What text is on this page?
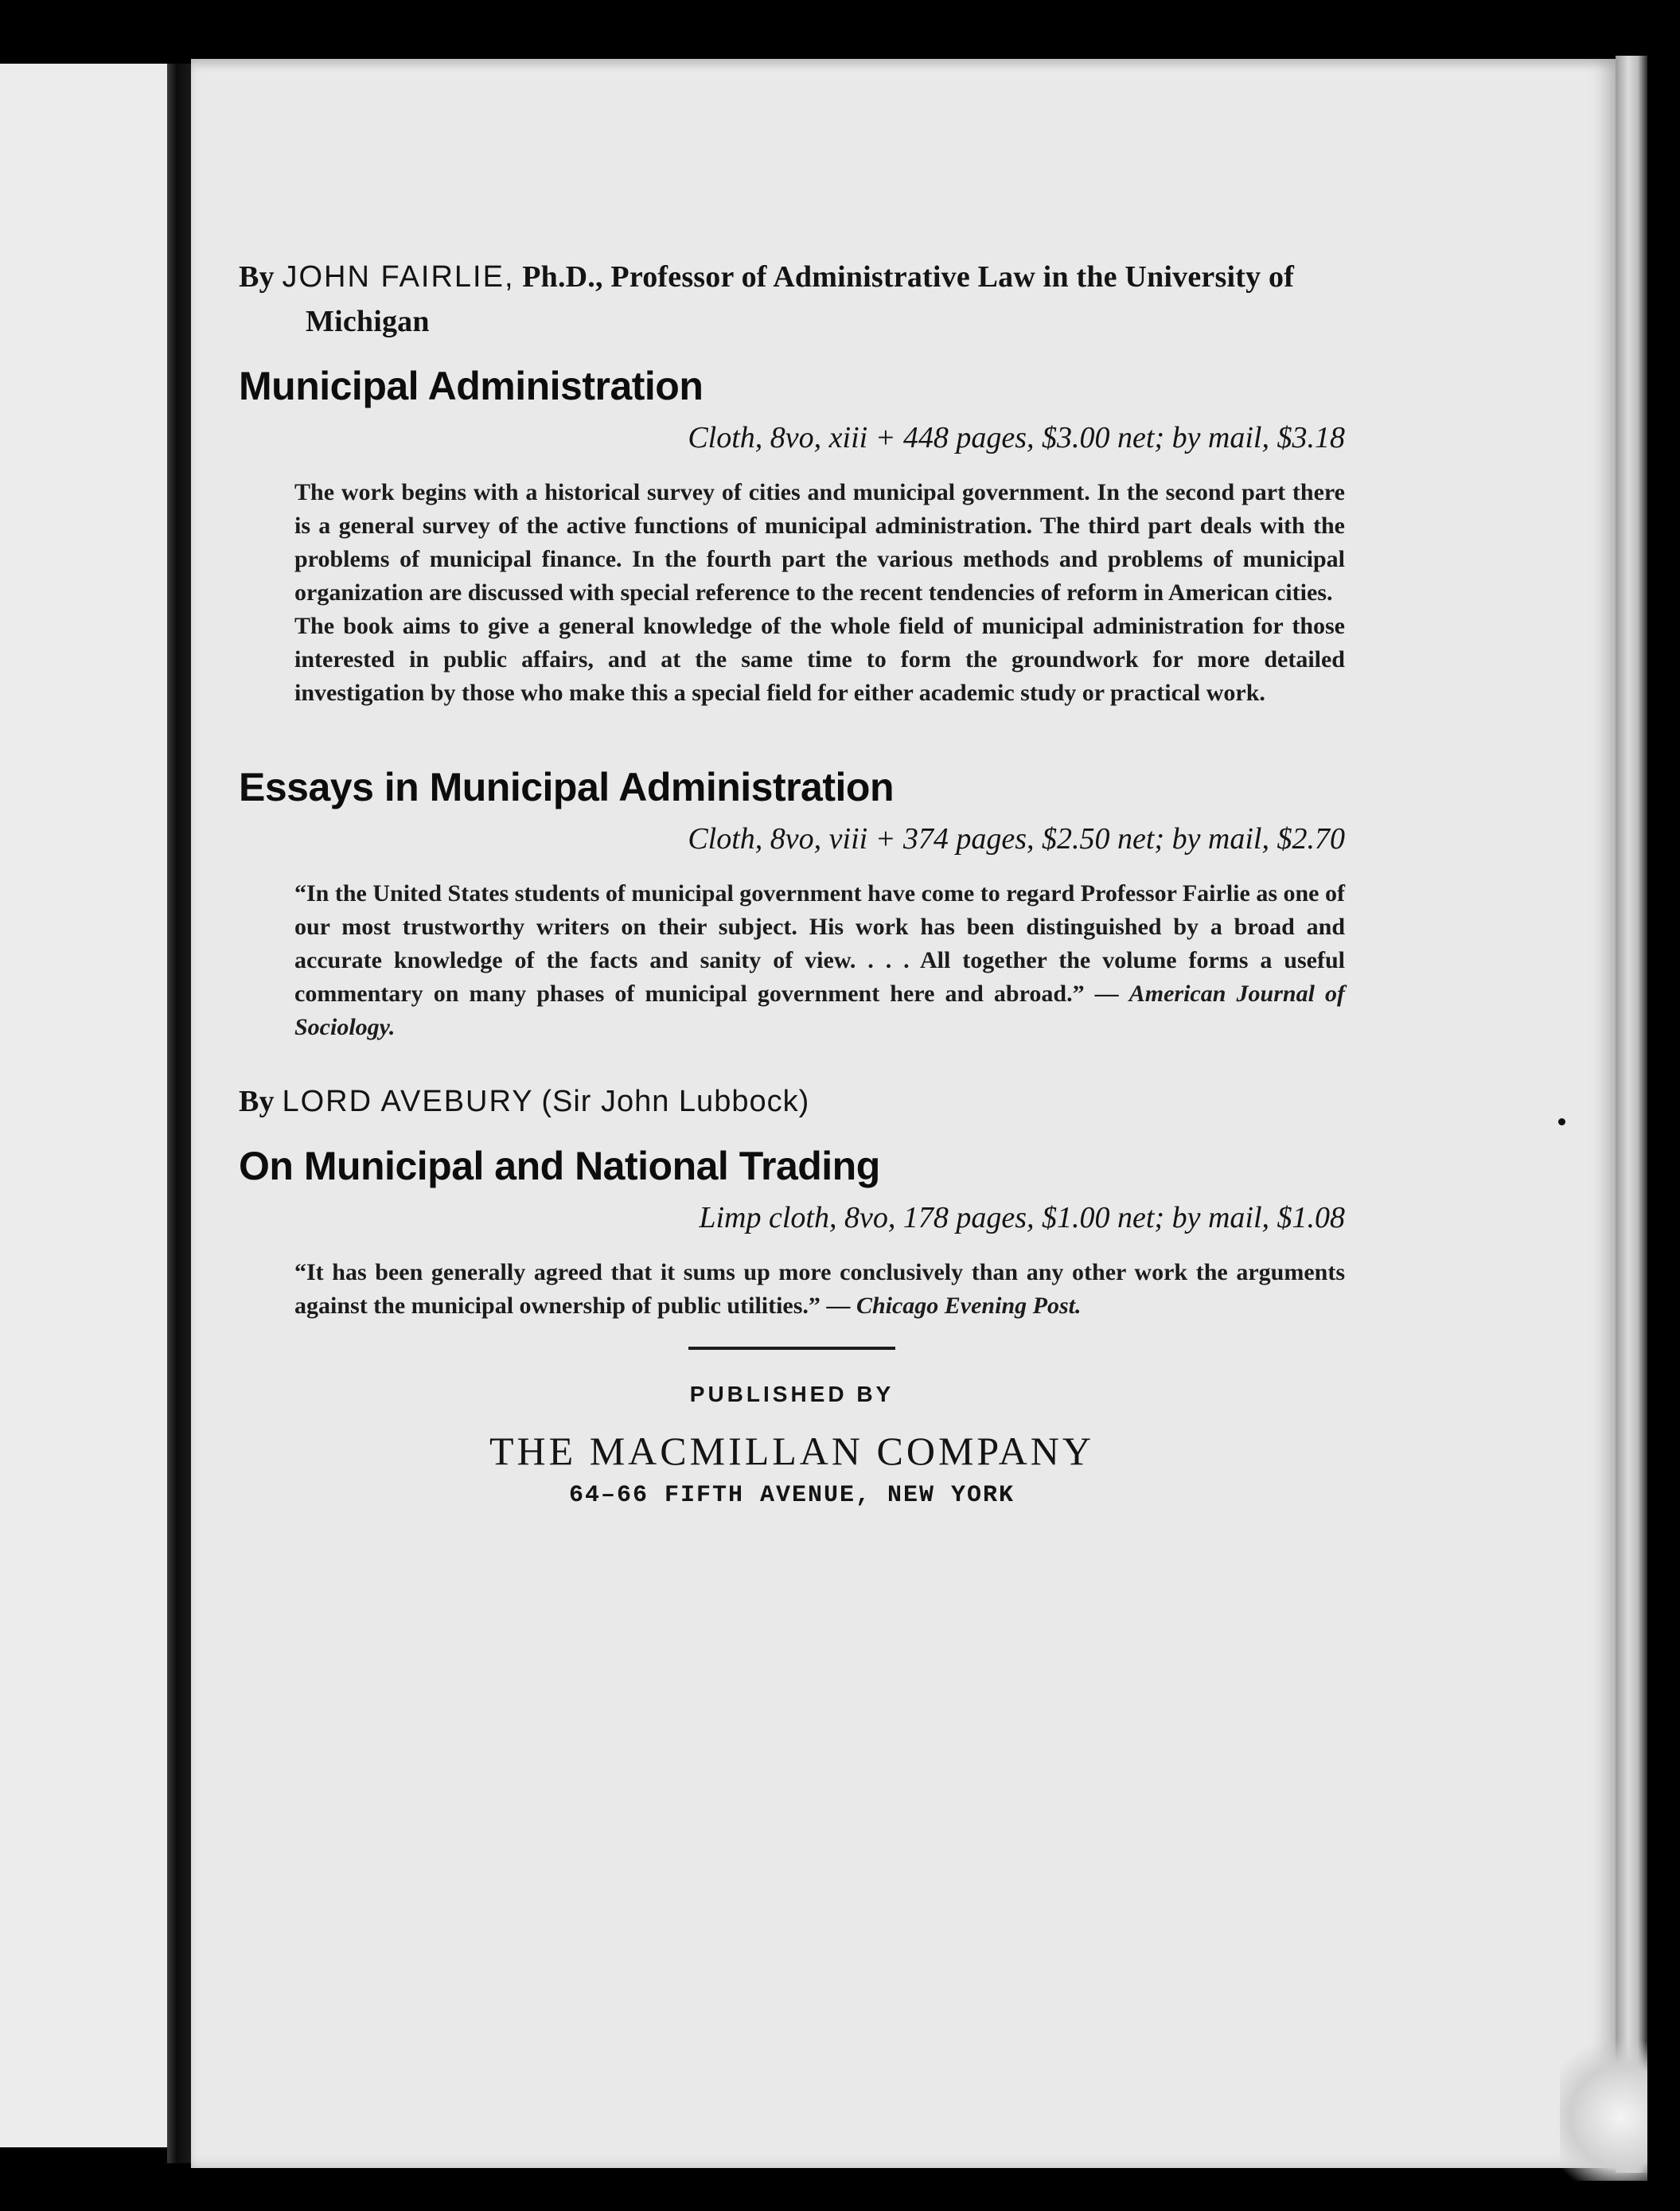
By JOHN FAIRLIE, Ph.D., Professor of Administrative Law in the University of Michigan
Municipal Administration
Cloth, 8vo, xiii + 448 pages, $3.00 net; by mail, $3.18

The work begins with a historical survey of cities and municipal government. In the second part there is a general survey of the active functions of municipal administration. The third part deals with the problems of municipal finance. In the fourth part the various methods and problems of municipal organization are discussed with special reference to the recent tendencies of reform in American cities.

The book aims to give a general knowledge of the whole field of municipal administration for those interested in public affairs, and at the same time to form the groundwork for more detailed investigation by those who make this a special field for either academic study or practical work.

Essays in Municipal Administration
Cloth, 8vo, viii + 374 pages, $2.50 net; by mail, $2.70

“In the United States students of municipal government have come to regard Professor Fairlie as one of our most trustworthy writers on their subject. His work has been distinguished by a broad and accurate knowledge of the facts and sanity of view. . . . All together the volume forms a useful commentary on many phases of municipal government here and abroad.” — American Journal of Sociology.

By LORD AVEBURY (Sir John Lubbock)
On Municipal and National Trading
Limp cloth, 8vo, 178 pages, $1.00 net; by mail, $1.08

“It has been generally agreed that it sums up more conclusively than any other work the arguments against the municipal ownership of public utilities.” — Chicago Evening Post.

PUBLISHED BY
THE MACMILLAN COMPANY
64–66 FIFTH AVENUE, NEW YORK
